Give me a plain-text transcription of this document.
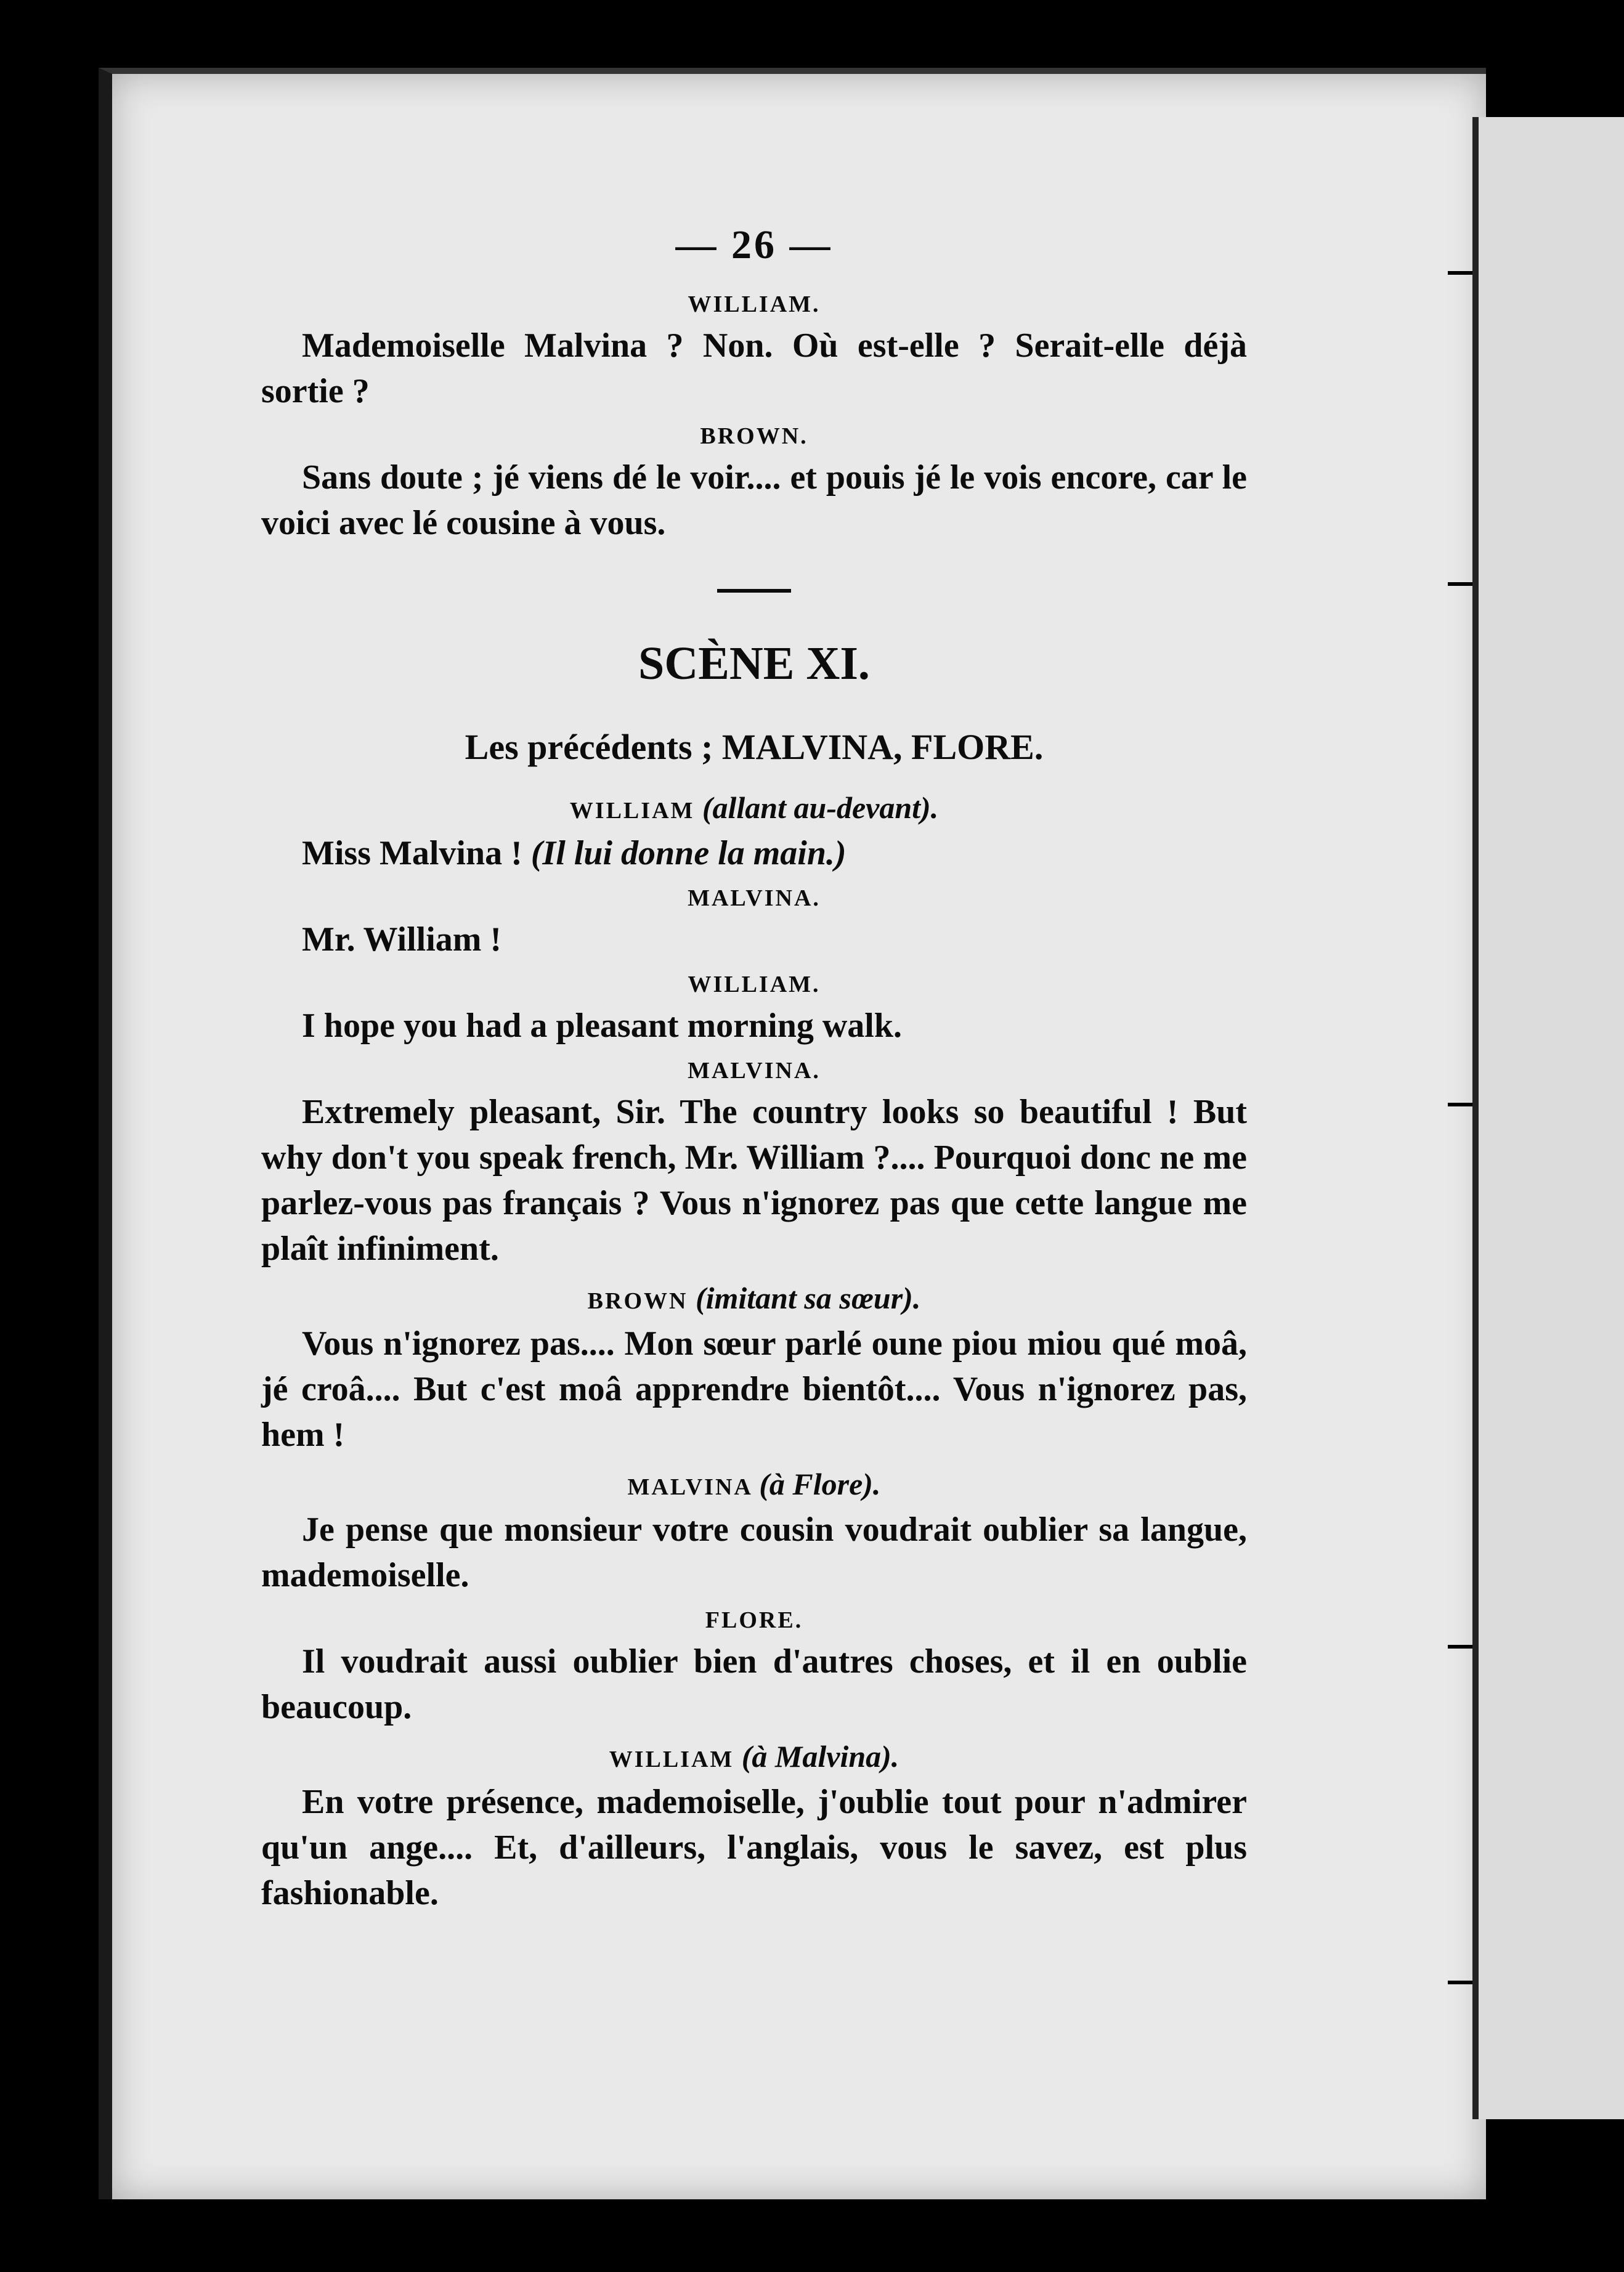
— 26 —
WILLIAM.

Mademoiselle Malvina ? Non. Où est-elle ? Serait-elle déjà sortie ?

BROWN.

Sans doute ; jé viens dé le voir.... et pouis jé le vois encore, car le voici avec lé cousine à vous.

SCÈNE XI.
Les précédents ; MALVINA, FLORE.
WILLIAM (allant au-devant).

Miss Malvina ! (Il lui donne la main.)

MALVINA.

Mr. William !

WILLIAM.

I hope you had a pleasant morning walk.

MALVINA.

Extremely pleasant, Sir. The country looks so beautiful ! But why don't you speak french, Mr. William ?.... Pourquoi donc ne me parlez-vous pas français ? Vous n'ignorez pas que cette langue me plaît infiniment.

BROWN (imitant sa sœur).

Vous n'ignorez pas.... Mon sœur parlé oune piou miou qué moâ, jé croâ.... But c'est moâ apprendre bientôt.... Vous n'ignorez pas, hem !

MALVINA (à Flore).

Je pense que monsieur votre cousin voudrait oublier sa langue, mademoiselle.

FLORE.

Il voudrait aussi oublier bien d'autres choses, et il en oublie beaucoup.

WILLIAM (à Malvina).

En votre présence, mademoiselle, j'oublie tout pour n'admirer qu'un ange.... Et, d'ailleurs, l'anglais, vous le savez, est plus fashionable.
